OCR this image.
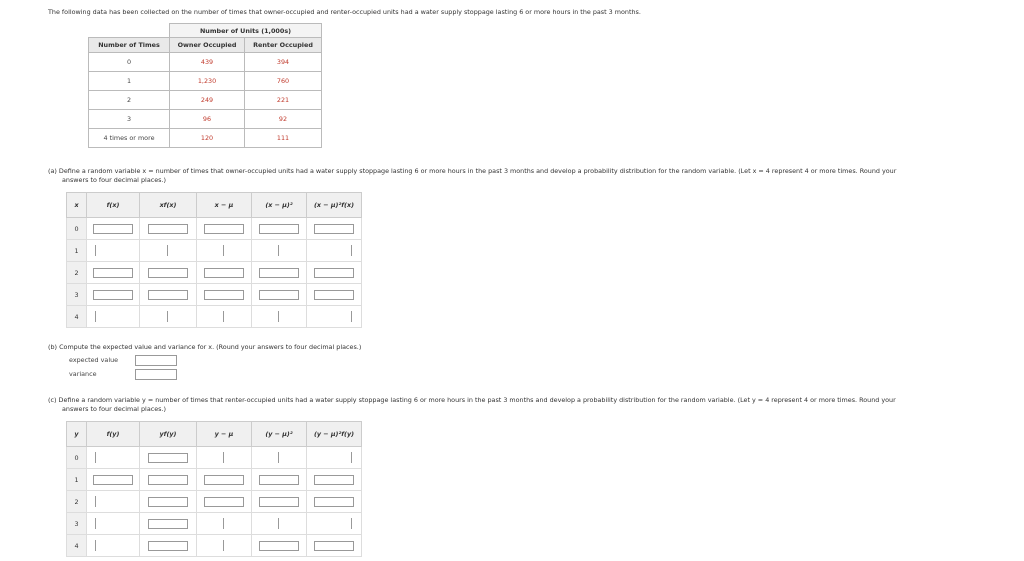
The following data has been collected on the number of times that owner-occupied and renter-occupied units had a water supply stoppage lasting 6 or more hours in the past 3 months.
	Number of Units (1,000s)	
Number of Times	Owner Occupied	Renter Occupied
0	439	394
1	1,230	760
2	249	221
3	96	92
4 times or more	120	111
(a) Define a random variable x = number of times that owner-occupied units had a water supply stoppage lasting 6 or more hours in the past 3 months and develop a probability distribution for the random variable. (Let x = 4 represent 4 or more times. Round your
answers to four decimal places.)
x	f(x)	xf(x)	x − μ	(x − μ)²	(x − μ)²f(x)
0					
1					
2					
3					
4					
(b) Compute the expected value and variance for x. (Round your answers to four decimal places.)
expected value
variance
(c) Define a random variable y = number of times that renter-occupied units had a water supply stoppage lasting 6 or more hours in the past 3 months and develop a probability distribution for the random variable. (Let y = 4 represent 4 or more times. Round your
answers to four decimal places.)
y	f(y)	yf(y)	y − μ	(y − μ)²	(y − μ)²f(y)
0					
1					
2					
3					
4					
